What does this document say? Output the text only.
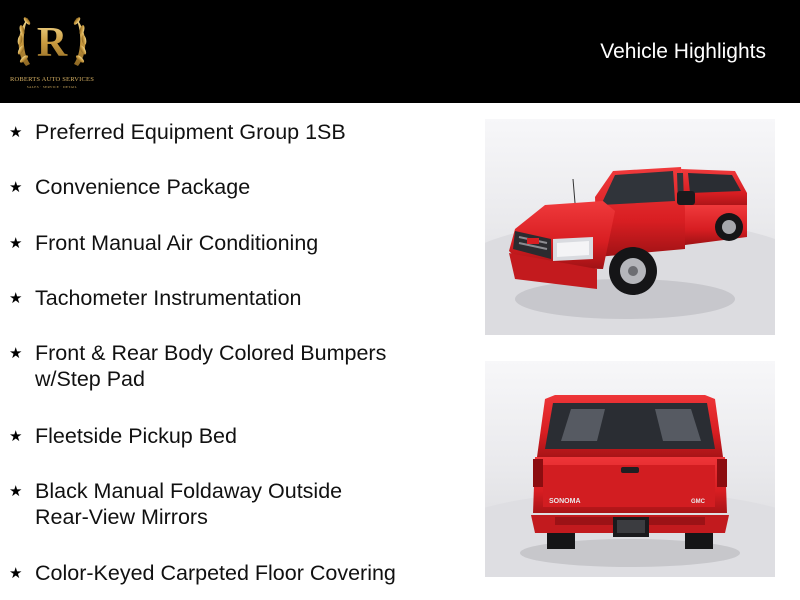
R
ROBERTS AUTO SERVICES
SALES · SERVICE · DETAIL
Vehicle Highlights
★ Preferred Equipment Group 1SB
★ Convenience Package
★ Front Manual Air Conditioning
★ Tachometer Instrumentation
★ Front & Rear Body Colored Bumpers
w/Step Pad
★ Fleetside Pickup Bed
★ Black Manual Foldaway Outside
Rear-View Mirrors
★ Color-Keyed Carpeted Floor Covering
SONOMA	GMC
